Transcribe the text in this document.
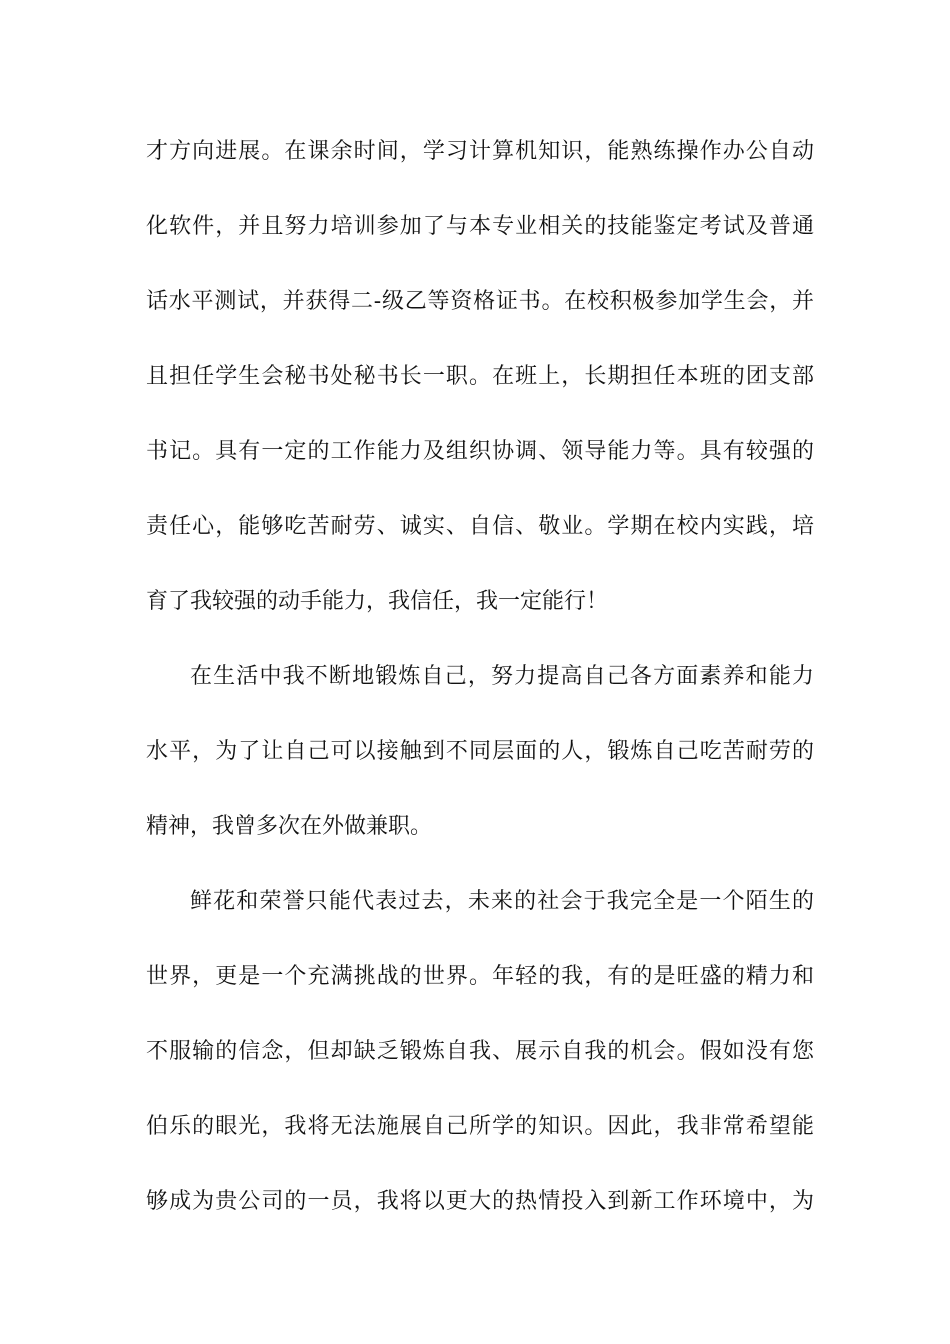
才方向进展。在课余时间，学习计算机知识，能熟练操作办公自动
化软件，并且努力培训参加了与本专业相关的技能鉴定考试及普通
话水平测试，并获得二-级乙等资格证书。在校积极参加学生会，并
且担任学生会秘书处秘书长一职。在班上，长期担任本班的团支部
书记。具有一定的工作能力及组织协调、领导能力等。具有较强的
责任心，能够吃苦耐劳、诚实、自信、敬业。学期在校内实践，培
育了我较强的动手能力，我信任，我一定能行！
在生活中我不断地锻炼自己，努力提高自己各方面素养和能力
水平，为了让自己可以接触到不同层面的人，锻炼自己吃苦耐劳的
精神，我曾多次在外做兼职。
鲜花和荣誉只能代表过去，未来的社会于我完全是一个陌生的
世界，更是一个充满挑战的世界。年轻的我，有的是旺盛的精力和
不服输的信念，但却缺乏锻炼自我、展示自我的机会。假如没有您
伯乐的眼光，我将无法施展自己所学的知识。因此，我非常希望能
够成为贵公司的一员，我将以更大的热情投入到新工作环境中，为
